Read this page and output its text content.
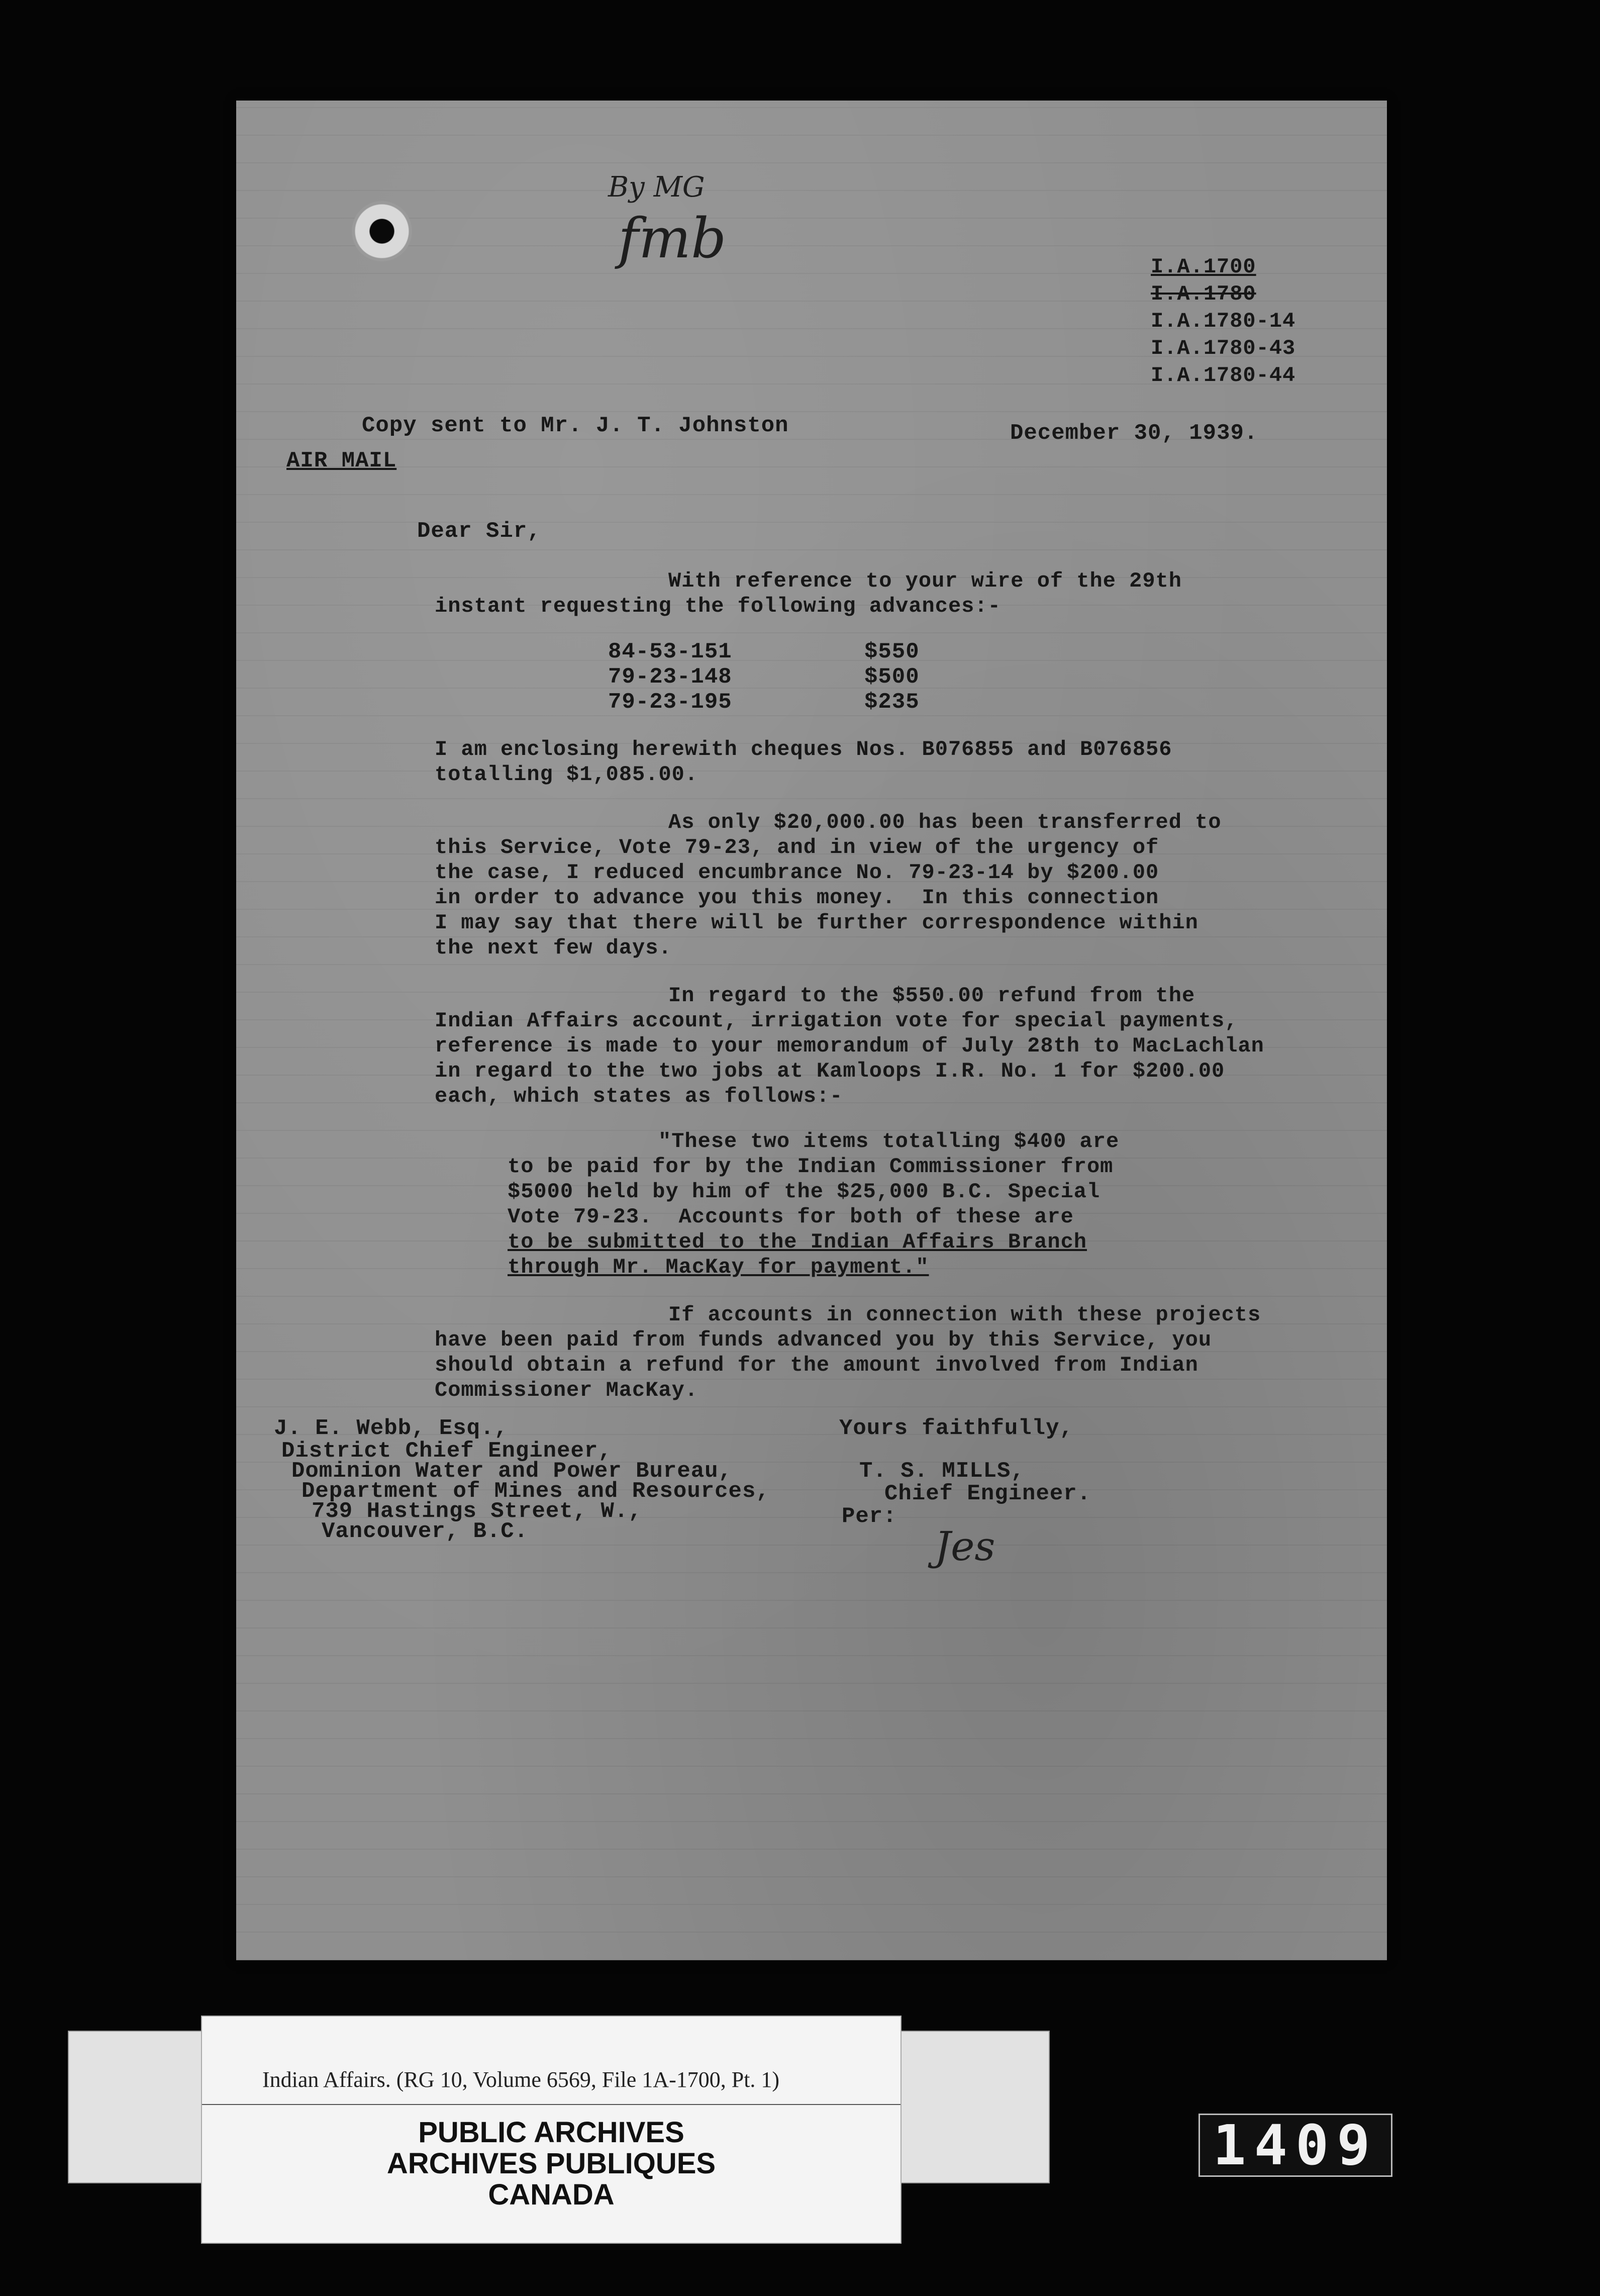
By MG
fmb	I.A.1700
I.A.1780
I.A.1780-14
I.A.1780-43
I.A.1780-44
Copy sent to Mr. J. T. Johnston	December 30, 1939.
AIR MAIL
Dear Sir,
With reference to your wire of the 29th
instant requesting the following advances:-
84-53-151	$550
79-23-148	$500
79-23-195	$235
I am enclosing herewith cheques Nos. B076855 and B076856
totalling $1,085.00.
As only $20,000.00 has been transferred to
this Service, Vote 79-23, and in view of the urgency of
the case, I reduced encumbrance No. 79-23-14 by $200.00
in order to advance you this money.  In this connection
I may say that there will be further correspondence within
the next few days.
In regard to the $550.00 refund from the
Indian Affairs account, irrigation vote for special payments,
reference is made to your memorandum of July 28th to MacLachlan
in regard to the two jobs at Kamloops I.R. No. 1 for $200.00
each, which states as follows:-
"These two items totalling $400 are
to be paid for by the Indian Commissioner from
$5000 held by him of the $25,000 B.C. Special
Vote 79-23.  Accounts for both of these are
to be submitted to the Indian Affairs Branch
through Mr. MacKay for payment."
If accounts in connection with these projects
have been paid from funds advanced you by this Service, you
should obtain a refund for the amount involved from Indian
Commissioner MacKay.
J. E. Webb, Esq.,
District Chief Engineer,
Dominion Water and Power Bureau,
Department of Mines and Resources,
739 Hastings Street, W.,
Vancouver, B.C.
Yours faithfully,
T. S. MILLS,
Chief Engineer.
Per:
Jes
Indian Affairs. (RG 10, Volume 6569, File 1A-1700, Pt. 1)
PUBLIC ARCHIVES
ARCHIVES PUBLIQUES
CANADA
1409
